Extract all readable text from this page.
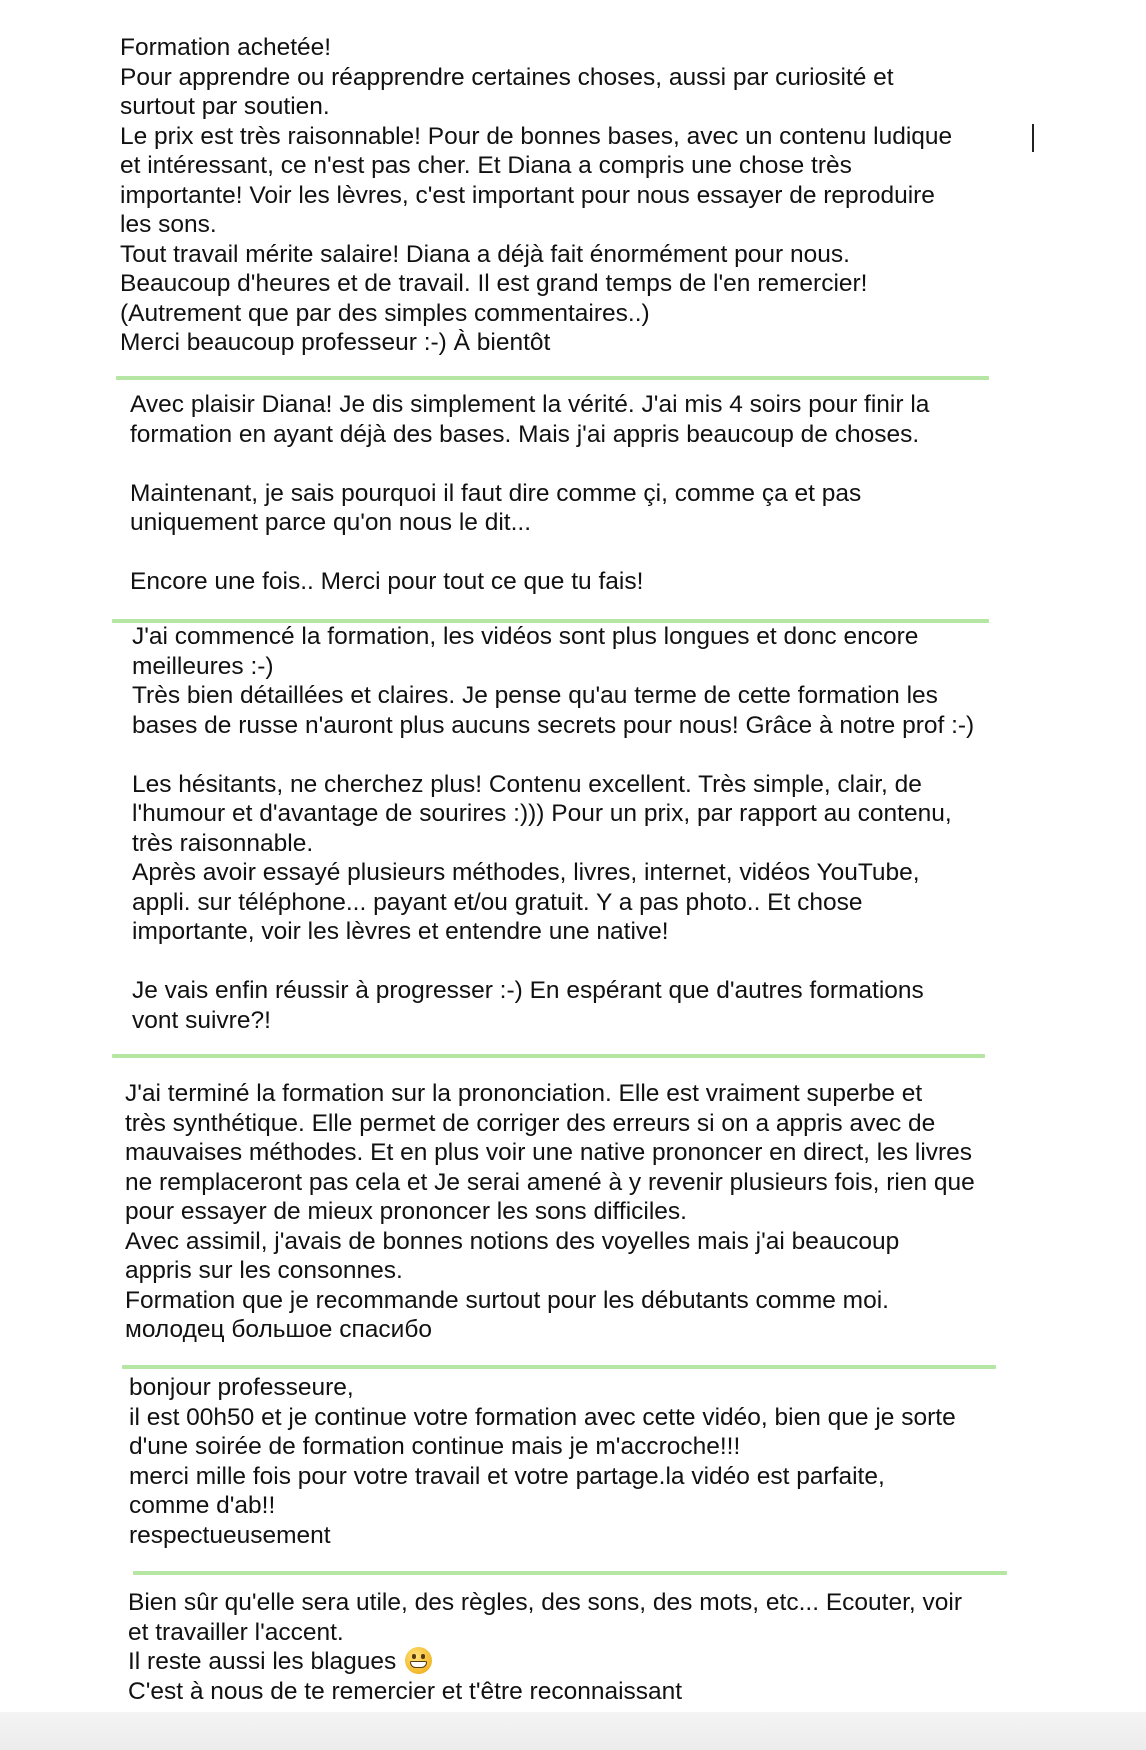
Formation achetée!
Pour apprendre ou réapprendre certaines choses, aussi par curiosité et
surtout par soutien.
Le prix est très raisonnable! Pour de bonnes bases, avec un contenu ludique
et intéressant, ce n'est pas cher. Et Diana a compris une chose très
importante! Voir les lèvres, c'est important pour nous essayer de reproduire
les sons.
Tout travail mérite salaire! Diana a déjà fait énormément pour nous.
Beaucoup d'heures et de travail. Il est grand temps de l'en remercier!
(Autrement que par des simples commentaires..)
Merci beaucoup professeur :-) À bientôt
Avec plaisir Diana! Je dis simplement la vérité. J'ai mis 4 soirs pour finir la
formation en ayant déjà des bases. Mais j'ai appris beaucoup de choses.
Maintenant, je sais pourquoi il faut dire comme çi, comme ça et pas
uniquement parce qu'on nous le dit...
Encore une fois.. Merci pour tout ce que tu fais!
J'ai commencé la formation, les vidéos sont plus longues et donc encore
meilleures :-)
Très bien détaillées et claires. Je pense qu'au terme de cette formation les
bases de russe n'auront plus aucuns secrets pour nous! Grâce à notre prof :-)
Les hésitants, ne cherchez plus! Contenu excellent. Très simple, clair, de
l'humour et d'avantage de sourires :))) Pour un prix, par rapport au contenu,
très raisonnable.
Après avoir essayé plusieurs méthodes, livres, internet, vidéos YouTube,
appli. sur téléphone... payant et/ou gratuit. Y a pas photo.. Et chose
importante, voir les lèvres et entendre une native!
Je vais enfin réussir à progresser :-) En espérant que d'autres formations
vont suivre?!
J'ai terminé la formation sur la prononciation. Elle est vraiment superbe et
très synthétique. Elle permet de corriger des erreurs si on a appris avec de
mauvaises méthodes. Et en plus voir une native prononcer en direct, les livres
ne remplaceront pas cela et Je serai amené à y revenir plusieurs fois, rien que
pour essayer de mieux prononcer les sons difficiles.
Avec assimil, j'avais de bonnes notions des voyelles mais j'ai beaucoup
appris sur les consonnes.
Formation que je recommande surtout pour les débutants comme moi.
молодец большое спасибо
bonjour professeure,
il est 00h50 et je continue votre formation avec cette vidéo, bien que je sorte
d'une soirée de formation continue mais je m'accroche!!!
merci mille fois pour votre travail et votre partage.la vidéo est parfaite,
comme d'ab!!
respectueusement
Bien sûr qu'elle sera utile, des règles, des sons, des mots, etc... Ecouter, voir
et travailler l'accent.
Il reste aussi les blagues
C'est à nous de te remercier et t'être reconnaissant
